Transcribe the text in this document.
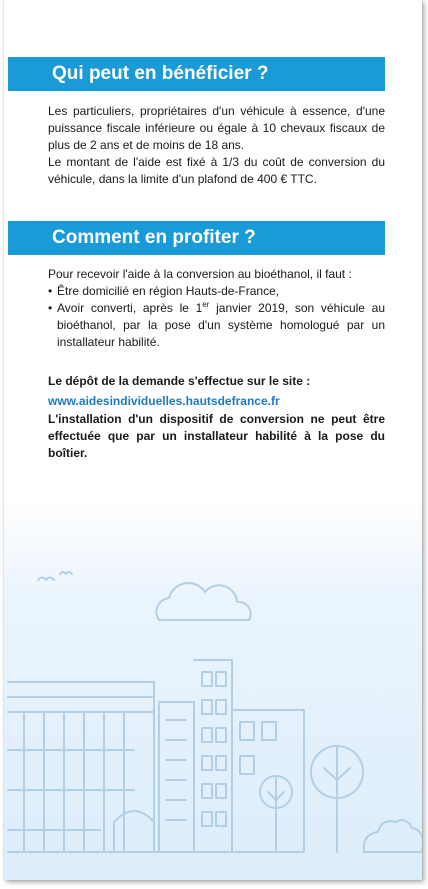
Qui peut en bénéficier ?
Les particuliers, propriétaires d'un véhicule à essence, d'une puissance fiscale inférieure ou égale à 10 chevaux fiscaux de plus de 2 ans et de moins de 18 ans.
Le montant de l'aide est fixé à 1/3 du coût de conversion du véhicule, dans la limite d'un plafond de 400 € TTC.
Comment en profiter ?
Pour recevoir l'aide à la conversion au bioéthanol, il faut :
• Être domicilié en région Hauts-de-France,
• Avoir converti, après le 1er janvier 2019, son véhicule au bioéthanol, par la pose d'un système homologué par un installateur habilité.
Le dépôt de la demande s'effectue sur le site :
www.aidesindividuelles.hautsdefrance.fr
L'installation d'un dispositif de conversion ne peut être effectuée que par un installateur habilité à la pose du boîtier.
